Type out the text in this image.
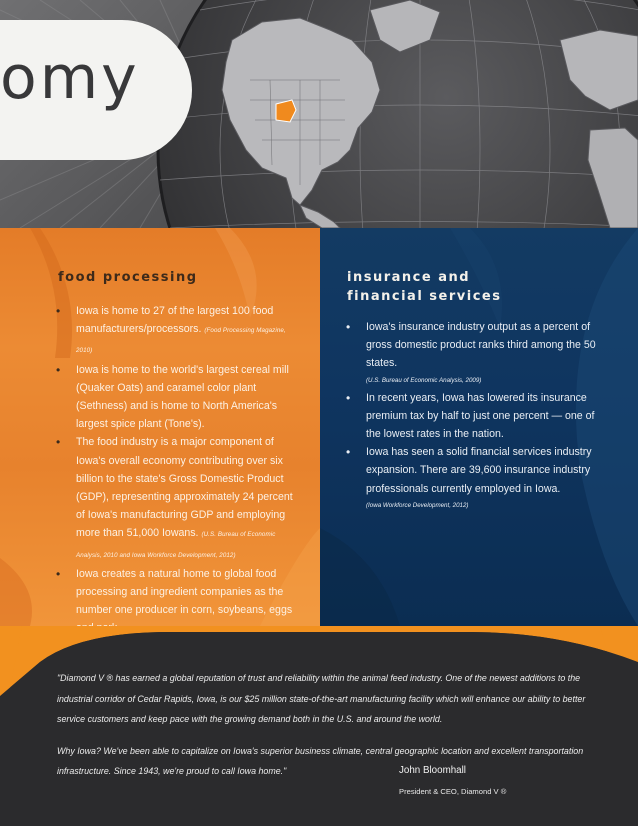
omy
food processing
• Iowa is home to 27 of the largest 100 food manufacturers/processors. (Food Processing Magazine, 2010)
• Iowa is home to the world's largest cereal mill (Quaker Oats) and caramel color plant (Sethness) and is home to North America's largest spice plant (Tone's).
• The food industry is a major component of Iowa's overall economy contributing over six billion to the state's Gross Domestic Product (GDP), representing approximately 24 percent of Iowa's manufacturing GDP and employing more than 51,000 Iowans. (U.S. Bureau of Economic Analysis, 2010 and Iowa Workforce Development, 2012)
• Iowa creates a natural home to global food processing and ingredient companies as the number one producer in corn, soybeans, eggs
insurance and
financial services
• Iowa's insurance industry output as a percent of gross domestic product ranks third among the 50 states.
(U.S. Bureau of Economic Analysis, 2009)
• In recent years, Iowa has lowered its insurance premium tax by half to just one percent — one of the lowest rates in the nation.
• Iowa has seen a solid financial services industry expansion. There are 39,600 insurance industry professionals currently employed in Iowa.
(Iowa Workforce Development, 2012)

"Diamond V ® has earned a global reputation of trust and reliability within the animal feed industry. One of the newest additions to the industrial corridor of Cedar Rapids, Iowa, is our $25 million state-of-the-art manufacturing facility which will enhance our ability to better service customers and keep pace with the growing demand both in the U.S. and around the world.

Why Iowa? We've been able to capitalize on Iowa's superior business climate, central geographic location and excellent transportation infrastructure. Since 1943, we're proud to call Iowa home."	John Bloomhall
President & CEO, Diamond V ®
